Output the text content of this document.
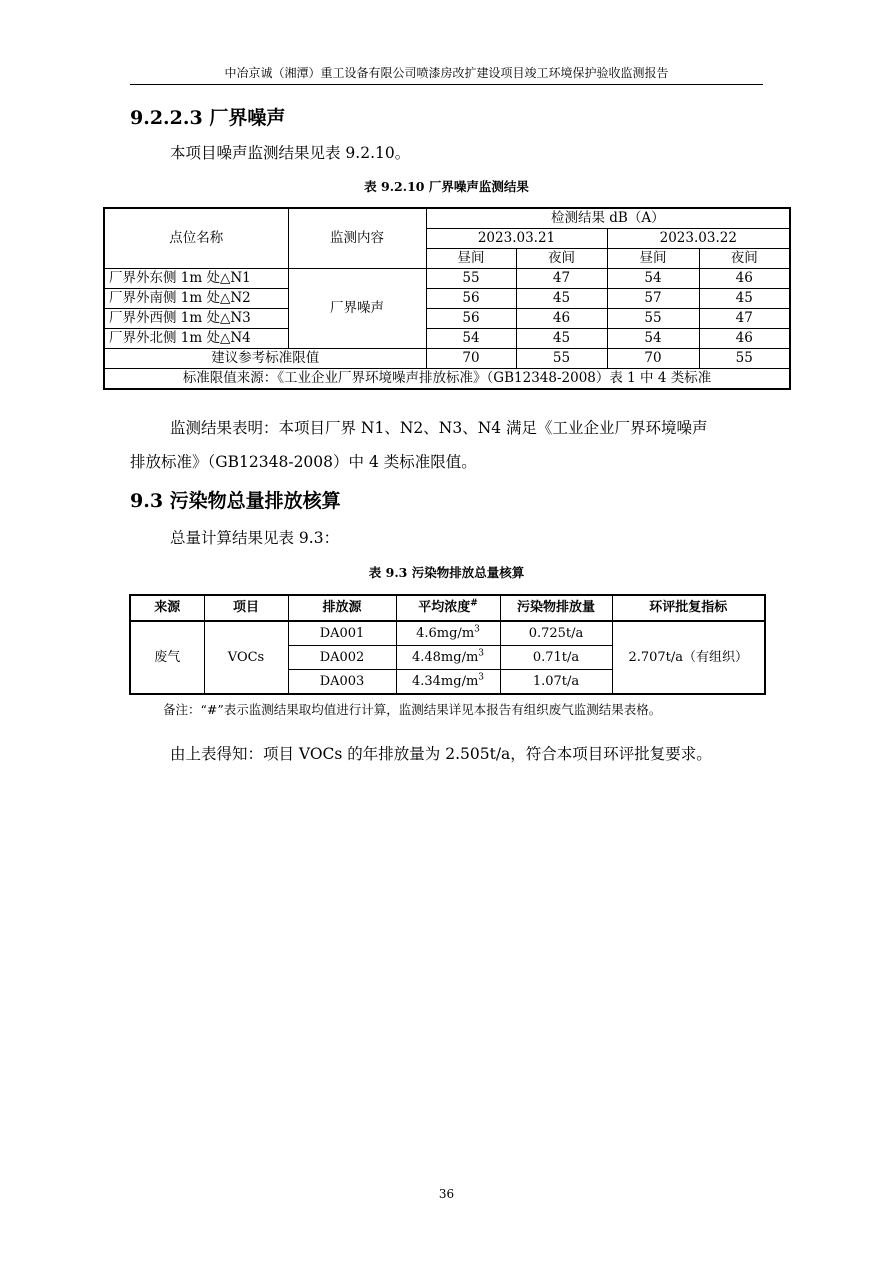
中冶京诚（湘潭）重工设备有限公司喷漆房改扩建设项目竣工环境保护验收监测报告
9.2.2.3 厂界噪声
本项目噪声监测结果见表 9.2.10。
表 9.2.10 厂界噪声监测结果
点位名称	监测内容	检测结果 dB（A）			
		2023.03.21		2023.03.22	
		昼间	夜间	昼间	夜间
厂界外东侧 1m 处△N1	厂界噪声	55	47	54	46
厂界外南侧 1m 处△N2		56	45	57	45
厂界外西侧 1m 处△N3		56	46	55	47
厂界外北侧 1m 处△N4		54	45	54	46
建议参考标准限值		70	55	70	55
标准限值来源：《工业企业厂界环境噪声排放标准》（GB12348-2008）表 1 中 4 类标准					
监测结果表明：本项目厂界 N1、N2、N3、N4 满足《工业企业厂界环境噪声
排放标准》（GB12348-2008）中 4 类标准限值。
9.3 污染物总量排放核算
总量计算结果见表 9.3：
表 9.3 污染物排放总量核算
来源	项目	排放源	平均浓度#	污染物排放量	环评批复指标
废气	VOCs	DA001	$4.6mg/m^3$	0.725t/a	2.707t/a（有组织）
		DA002	$4.48mg/m^3$	0.71t/a	
		DA003	$4.34mg/m^3$	1.07t/a	
备注：“#”表示监测结果取均值进行计算，监测结果详见本报告有组织废气监测结果表格。
由上表得知：项目 VOCs 的年排放量为 2.505t/a，符合本项目环评批复要求。
36
